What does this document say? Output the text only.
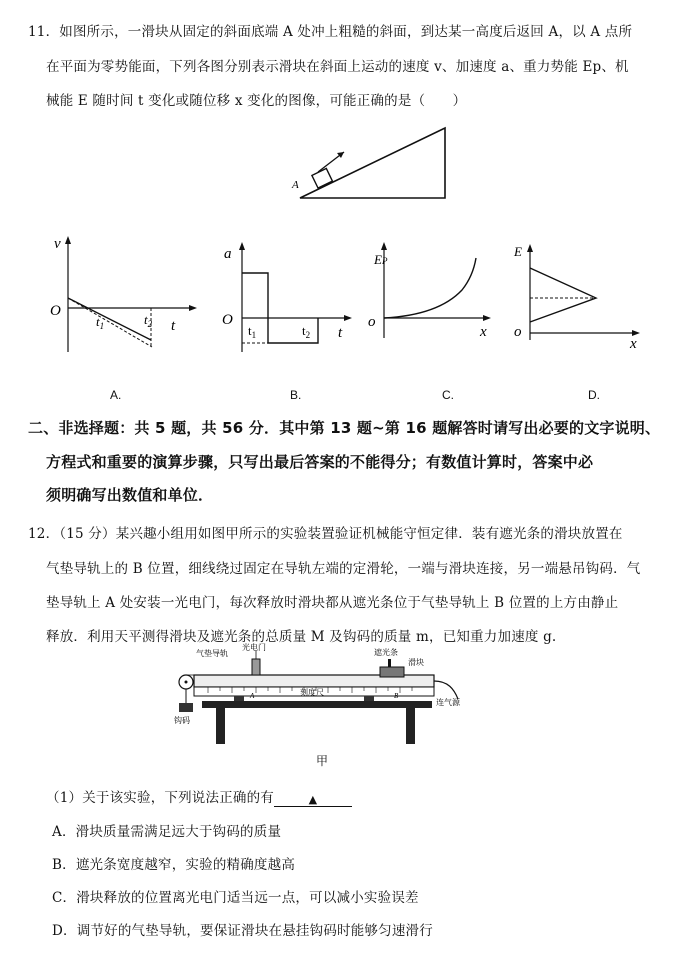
11．如图所示，一滑块从固定的斜面底端 A 处冲上粗糙的斜面，到达某一高度后返回 A，以 A 点所
在平面为零势能面，下列各图分别表示滑块在斜面上运动的速度 v、加速度 a、重力势能 Ep、机
械能 E 随时间 t 变化或随位移 x 变化的图像，可能正确的是（　　）
A
v
t
O
$t_1$	$t_2$
A.
a
t
O
$t_1$	$t_2$
B.
EP
x
o
C.
E
x
o
D.
二、非选择题：共 5 题，共 56 分．其中第 13 题~第 16 题解答时请写出必要的文字说明、
方程式和重要的演算步骤，只写出最后答案的不能得分；有数值计算时，答案中必
须明确写出数值和单位．
12．（15 分）某兴趣小组用如图甲所示的实验装置验证机械能守恒定律．装有遮光条的滑块放置在
气垫导轨上的 B 位置，细线绕过固定在导轨左端的定滑轮，一端与滑块连接，另一端悬吊钩码．气
垫导轨上 A 处安装一光电门，每次释放时滑块都从遮光条位于气垫导轨上 B 位置的上方由静止
释放．利用天平测得滑块及遮光条的总质量 M 及钩码的质量 m，已知重力加速度 g.
气垫导轨
光电门
遮光条
滑块
刻度尺
连气源
钩码
A	B
甲
（1）关于该实验，下列说法正确的有	▲
A．滑块质量需满足远大于钩码的质量
B．遮光条宽度越窄，实验的精确度越高
C．滑块释放的位置离光电门适当远一点，可以减小实验误差
D．调节好的气垫导轨，要保证滑块在悬挂钩码时能够匀速滑行
